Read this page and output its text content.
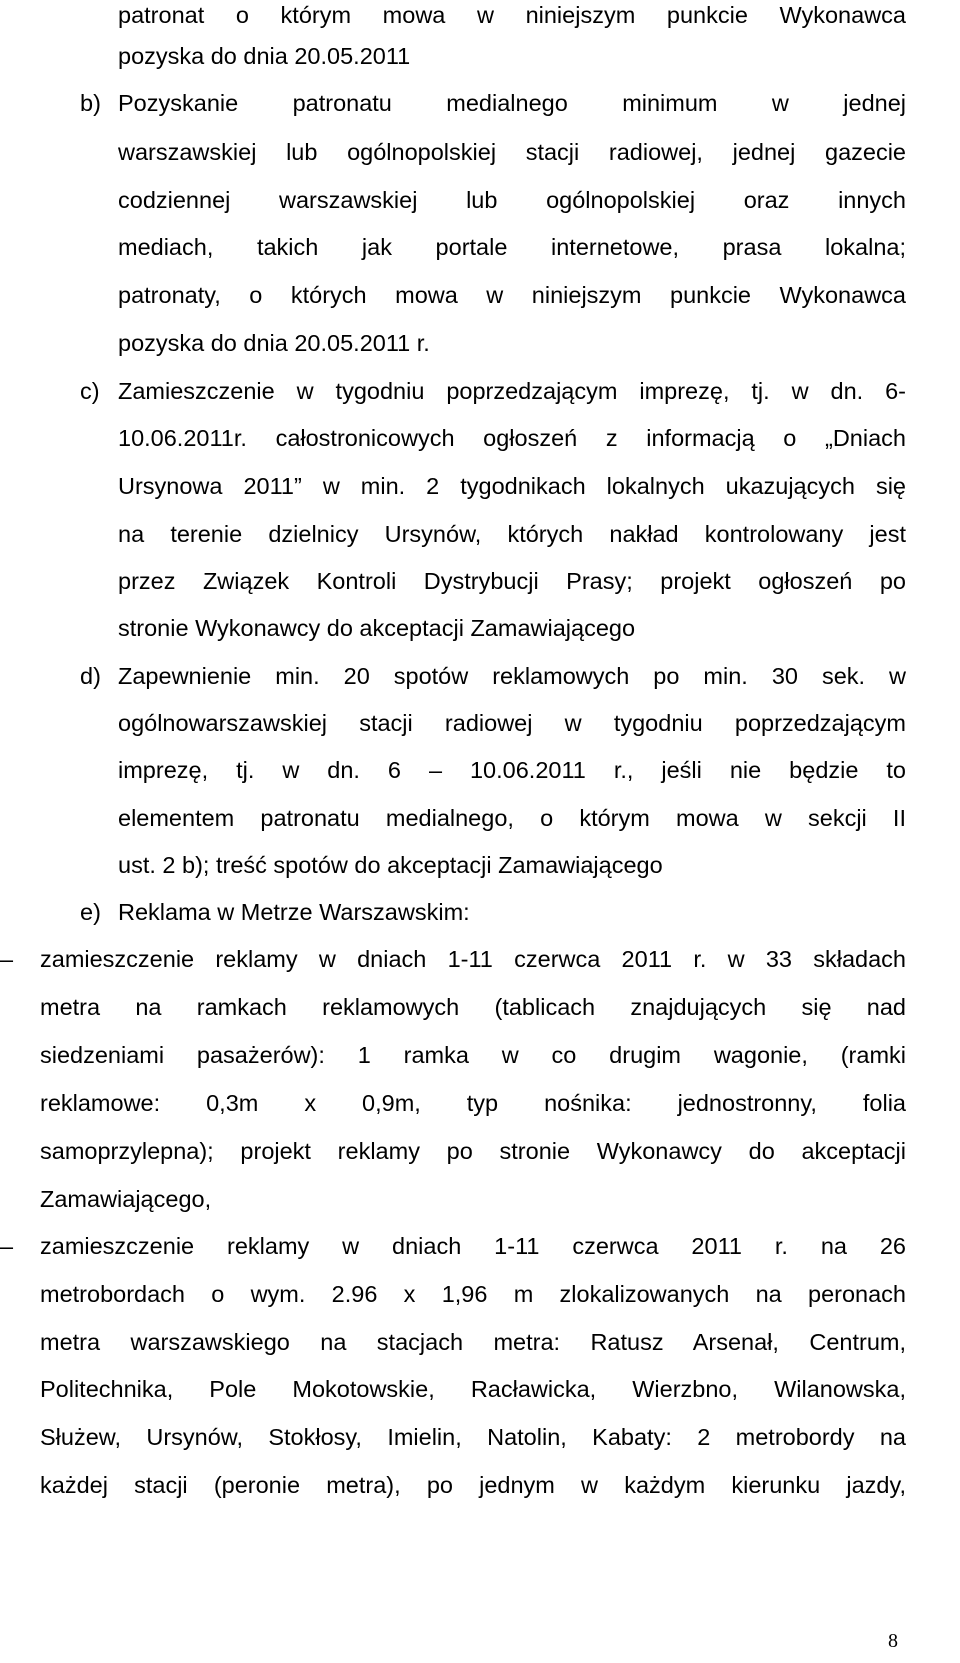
patronat o którym mowa w niniejszym punkcie Wykonawca
pozyska do dnia 20.05.2011
b) Pozyskanie patronatu medialnego minimum w jednej
warszawskiej lub ogólnopolskiej stacji radiowej, jednej gazecie
codziennej warszawskiej lub ogólnopolskiej oraz innych
mediach, takich jak portale internetowe, prasa lokalna;
patronaty, o których mowa w niniejszym punkcie Wykonawca
pozyska do dnia 20.05.2011 r.
c) Zamieszczenie w tygodniu poprzedzającym imprezę, tj. w dn. 6-
10.06.2011r. całostronicowych ogłoszeń z informacją o „Dniach
Ursynowa 2011” w min. 2 tygodnikach lokalnych ukazujących się
na terenie dzielnicy Ursynów, których nakład kontrolowany jest
przez Związek Kontroli Dystrybucji Prasy; projekt ogłoszeń po
stronie Wykonawcy do akceptacji Zamawiającego
d) Zapewnienie min. 20 spotów reklamowych po min. 30 sek. w
ogólnowarszawskiej stacji radiowej w tygodniu poprzedzającym
imprezę, tj. w dn. 6 – 10.06.2011 r., jeśli nie będzie to
elementem patronatu medialnego, o którym mowa w sekcji II
ust. 2 b); treść spotów do akceptacji Zamawiającego
e) Reklama w Metrze Warszawskim:
– zamieszczenie reklamy w dniach 1-11 czerwca 2011 r. w 33 składach
metra na ramkach reklamowych (tablicach znajdujących się nad
siedzeniami pasażerów): 1 ramka w co drugim wagonie, (ramki
reklamowe: 0,3m x 0,9m, typ nośnika: jednostronny, folia
samoprzylepna); projekt reklamy po stronie Wykonawcy do akceptacji
Zamawiającego,
– zamieszczenie reklamy w dniach 1-11 czerwca 2011 r. na 26
metrobordach o wym. 2.96 x 1,96 m zlokalizowanych na peronach
metra warszawskiego na stacjach metra: Ratusz Arsenał, Centrum,
Politechnika, Pole Mokotowskie, Racławicka, Wierzbno, Wilanowska,
Służew, Ursynów, Stokłosy, Imielin, Natolin, Kabaty: 2 metrobordy na
każdej stacji (peronie metra), po jednym w każdym kierunku jazdy,
8
